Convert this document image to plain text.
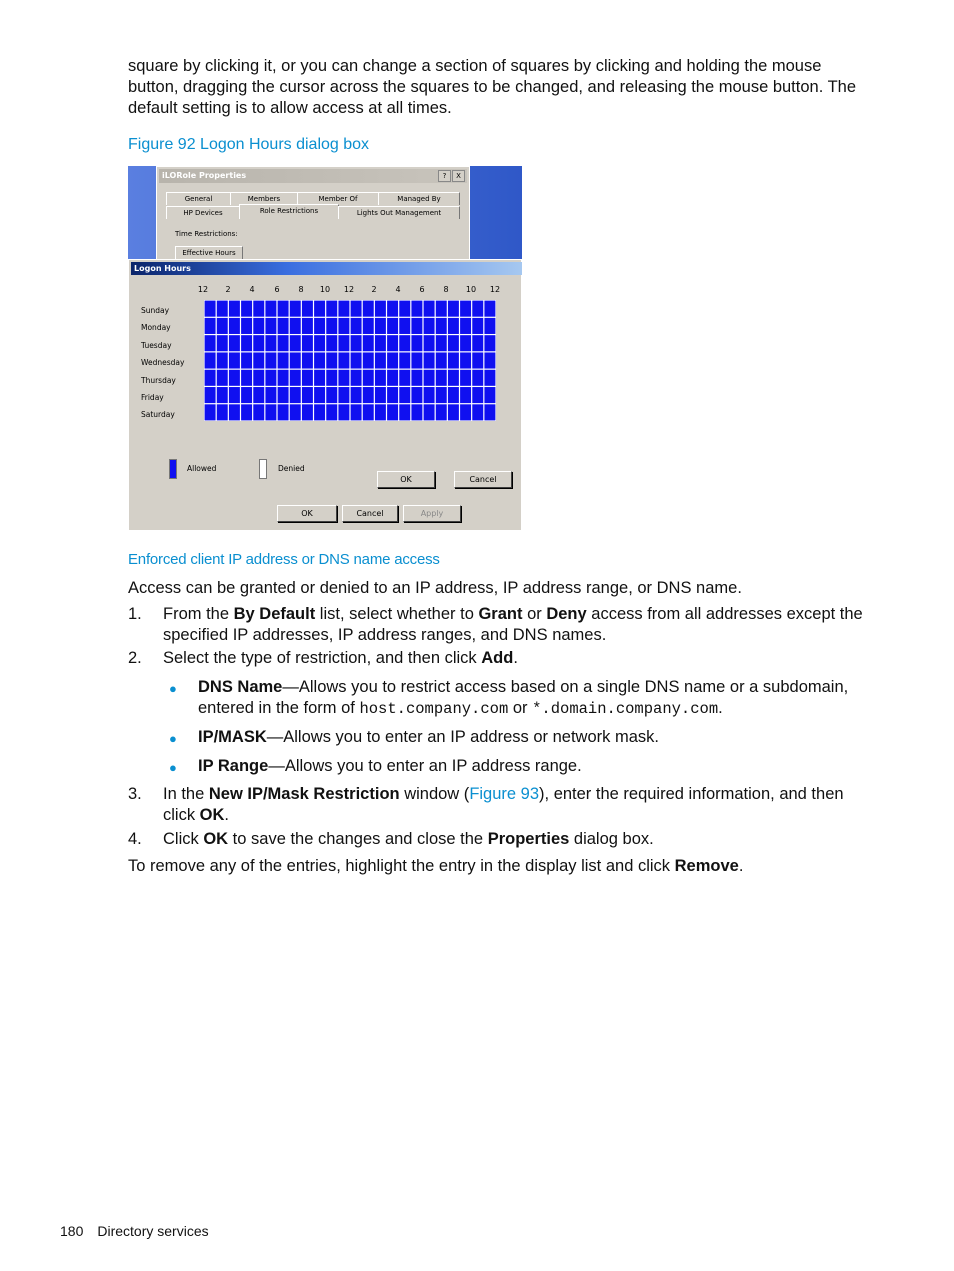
square by clicking it, or you can change a section of squares by clicking and holding the mouse button, dragging the cursor across the squares to be changed, and releasing the mouse button. The default setting is to allow access at all times.

Figure 92 Logon Hours dialog box

iLORole Properties	?	X
General	Members	Member Of	Managed By
HP Devices	Role Restrictions	Lights Out Management
Time Restrictions:
Effective Hours
Logon Hours
12	2	4	6	8	10 12	2	4	6	8	10 12
Sunday
Monday
Tuesday
Wednesday
Thursday
Friday
Saturday
Allowed	Denied
OK	Cancel
OK	Cancel	Apply

Enforced client IP address or DNS name access

Access can be granted or denied to an IP address, IP address range, or DNS name.

1. From the By Default list, select whether to Grant or Deny access from all addresses except the specified IP addresses, IP address ranges, and DNS names.
2. Select the type of restriction, and then click Add.
● DNS Name—Allows you to restrict access based on a single DNS name or a subdomain, entered in the form of host.company.com or *.domain.company.com.
● IP/MASK—Allows you to enter an IP address or network mask.
● IP Range—Allows you to enter an IP address range.
3. In the New IP/Mask Restriction window (Figure 93), enter the required information, and then click OK.
4. Click OK to save the changes and close the Properties dialog box.

To remove any of the entries, highlight the entry in the display list and click Remove.

180 Directory services
